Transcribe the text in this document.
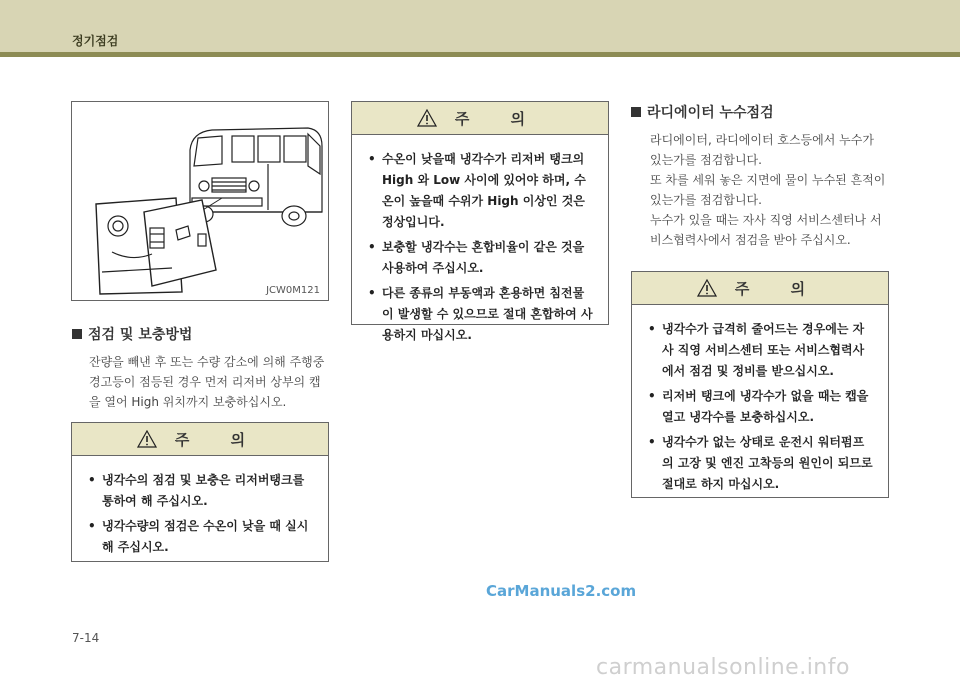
정기점검
JCW0M121
점검 및 보충방법

잔량을 빼낸 후 또는 수량 감소에 의해 주행중

경고등이 점등된 경우 먼저 리저버 상부의 캡

을 열어 High 위치까지 보충하십시오.

주 의
• 냉각수의 점검 및 보충은 리저버탱크를 통하여 해 주십시오.
• 냉각수량의 점검은 수온이 낮을 때 실시해 주십시오.
주 의
• 수온이 낮을때 냉각수가 리저버 탱크의 High 와 Low 사이에 있어야 하며, 수온이 높을때 수위가 High 이상인 것은 정상입니다.
• 보충할 냉각수는 혼합비율이 같은 것을 사용하여 주십시오.
• 다른 종류의 부동액과 혼용하면 침전물이 발생할 수 있으므로 절대 혼합하여 사용하지 마십시오.
라디에이터 누수점검

라디에이터, 라디에이터 호스등에서 누수가

있는가를 점검합니다.

또 차를 세워 놓은 지면에 물이 누수된 흔적이

있는가를 점검합니다.

누수가 있을 때는 자사 직영 서비스센터나 서

비스협력사에서 점검을 받아 주십시오.

주 의
• 냉각수가 급격히 줄어드는 경우에는 자사 직영 서비스센터 또는 서비스협력사에서 점검 및 정비를 받으십시오.
• 리저버 탱크에 냉각수가 없을 때는 캡을 열고 냉각수를 보충하십시오.
• 냉각수가 없는 상태로 운전시 워터펌프의 고장 및 엔진 고착등의 원인이 되므로 절대로 하지 마십시오.
CarManuals2.com
7-14
carmanualsonline.info
